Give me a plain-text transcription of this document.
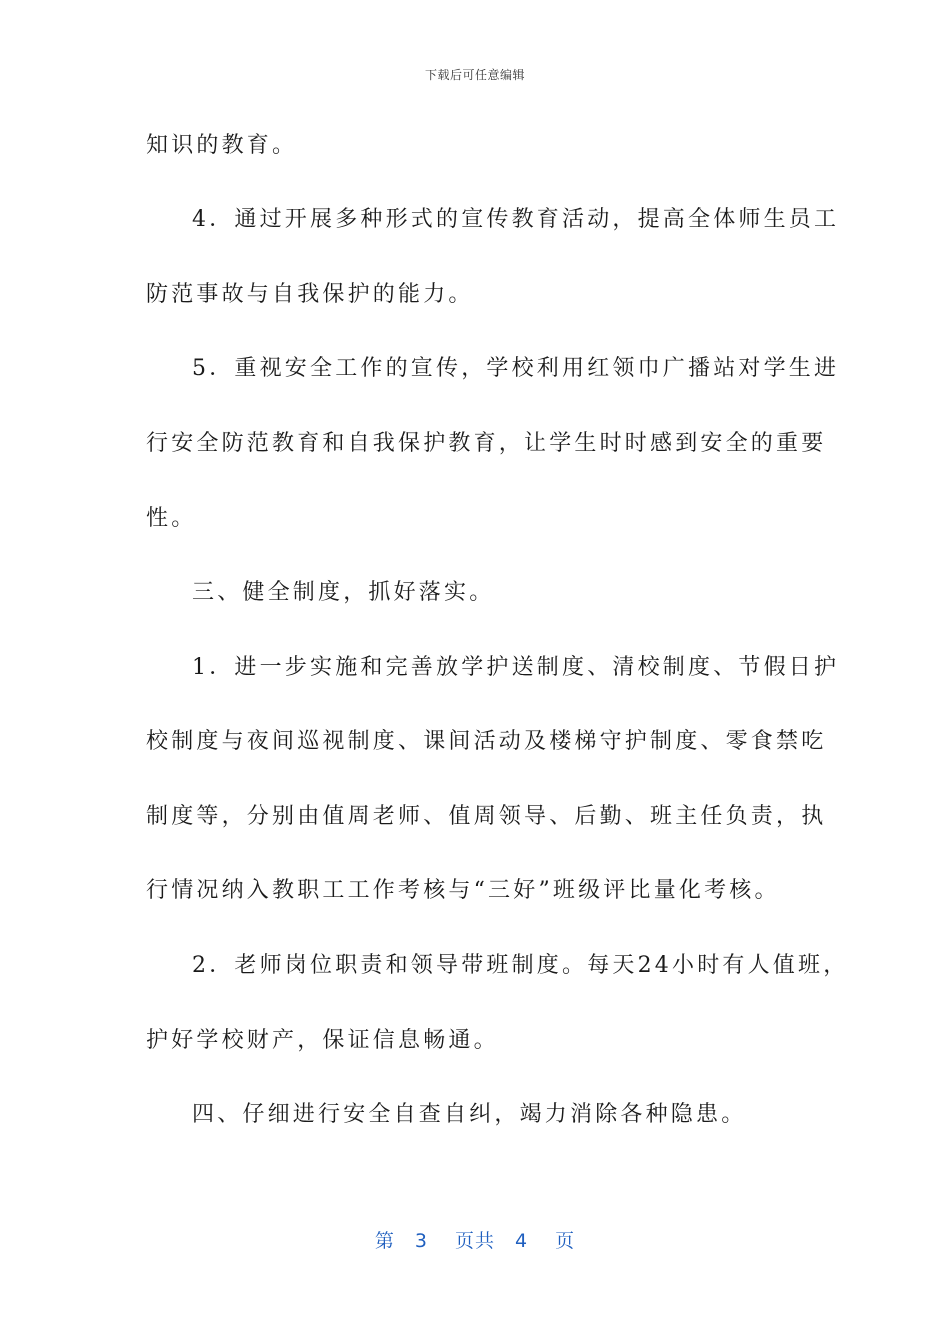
下载后可任意编辑
知识的教育。
4．通过开展多种形式的宣传教育活动，提高全体师生员工
防范事故与自我保护的能力。
5．重视安全工作的宣传，学校利用红领巾广播站对学生进
行安全防范教育和自我保护教育，让学生时时感到安全的重要
性。
三、健全制度，抓好落实。
1．进一步实施和完善放学护送制度、清校制度、节假日护
校制度与夜间巡视制度、课间活动及楼梯守护制度、零食禁吃
制度等，分别由值周老师、值周领导、后勤、班主任负责，执
行情况纳入教职工工作考核与“三好”班级评比量化考核。
2．老师岗位职责和领导带班制度。每天24小时有人值班，
护好学校财产，保证信息畅通。
四、仔细进行安全自查自纠，竭力消除各种隐患。
第　3　 页共　4　 页
